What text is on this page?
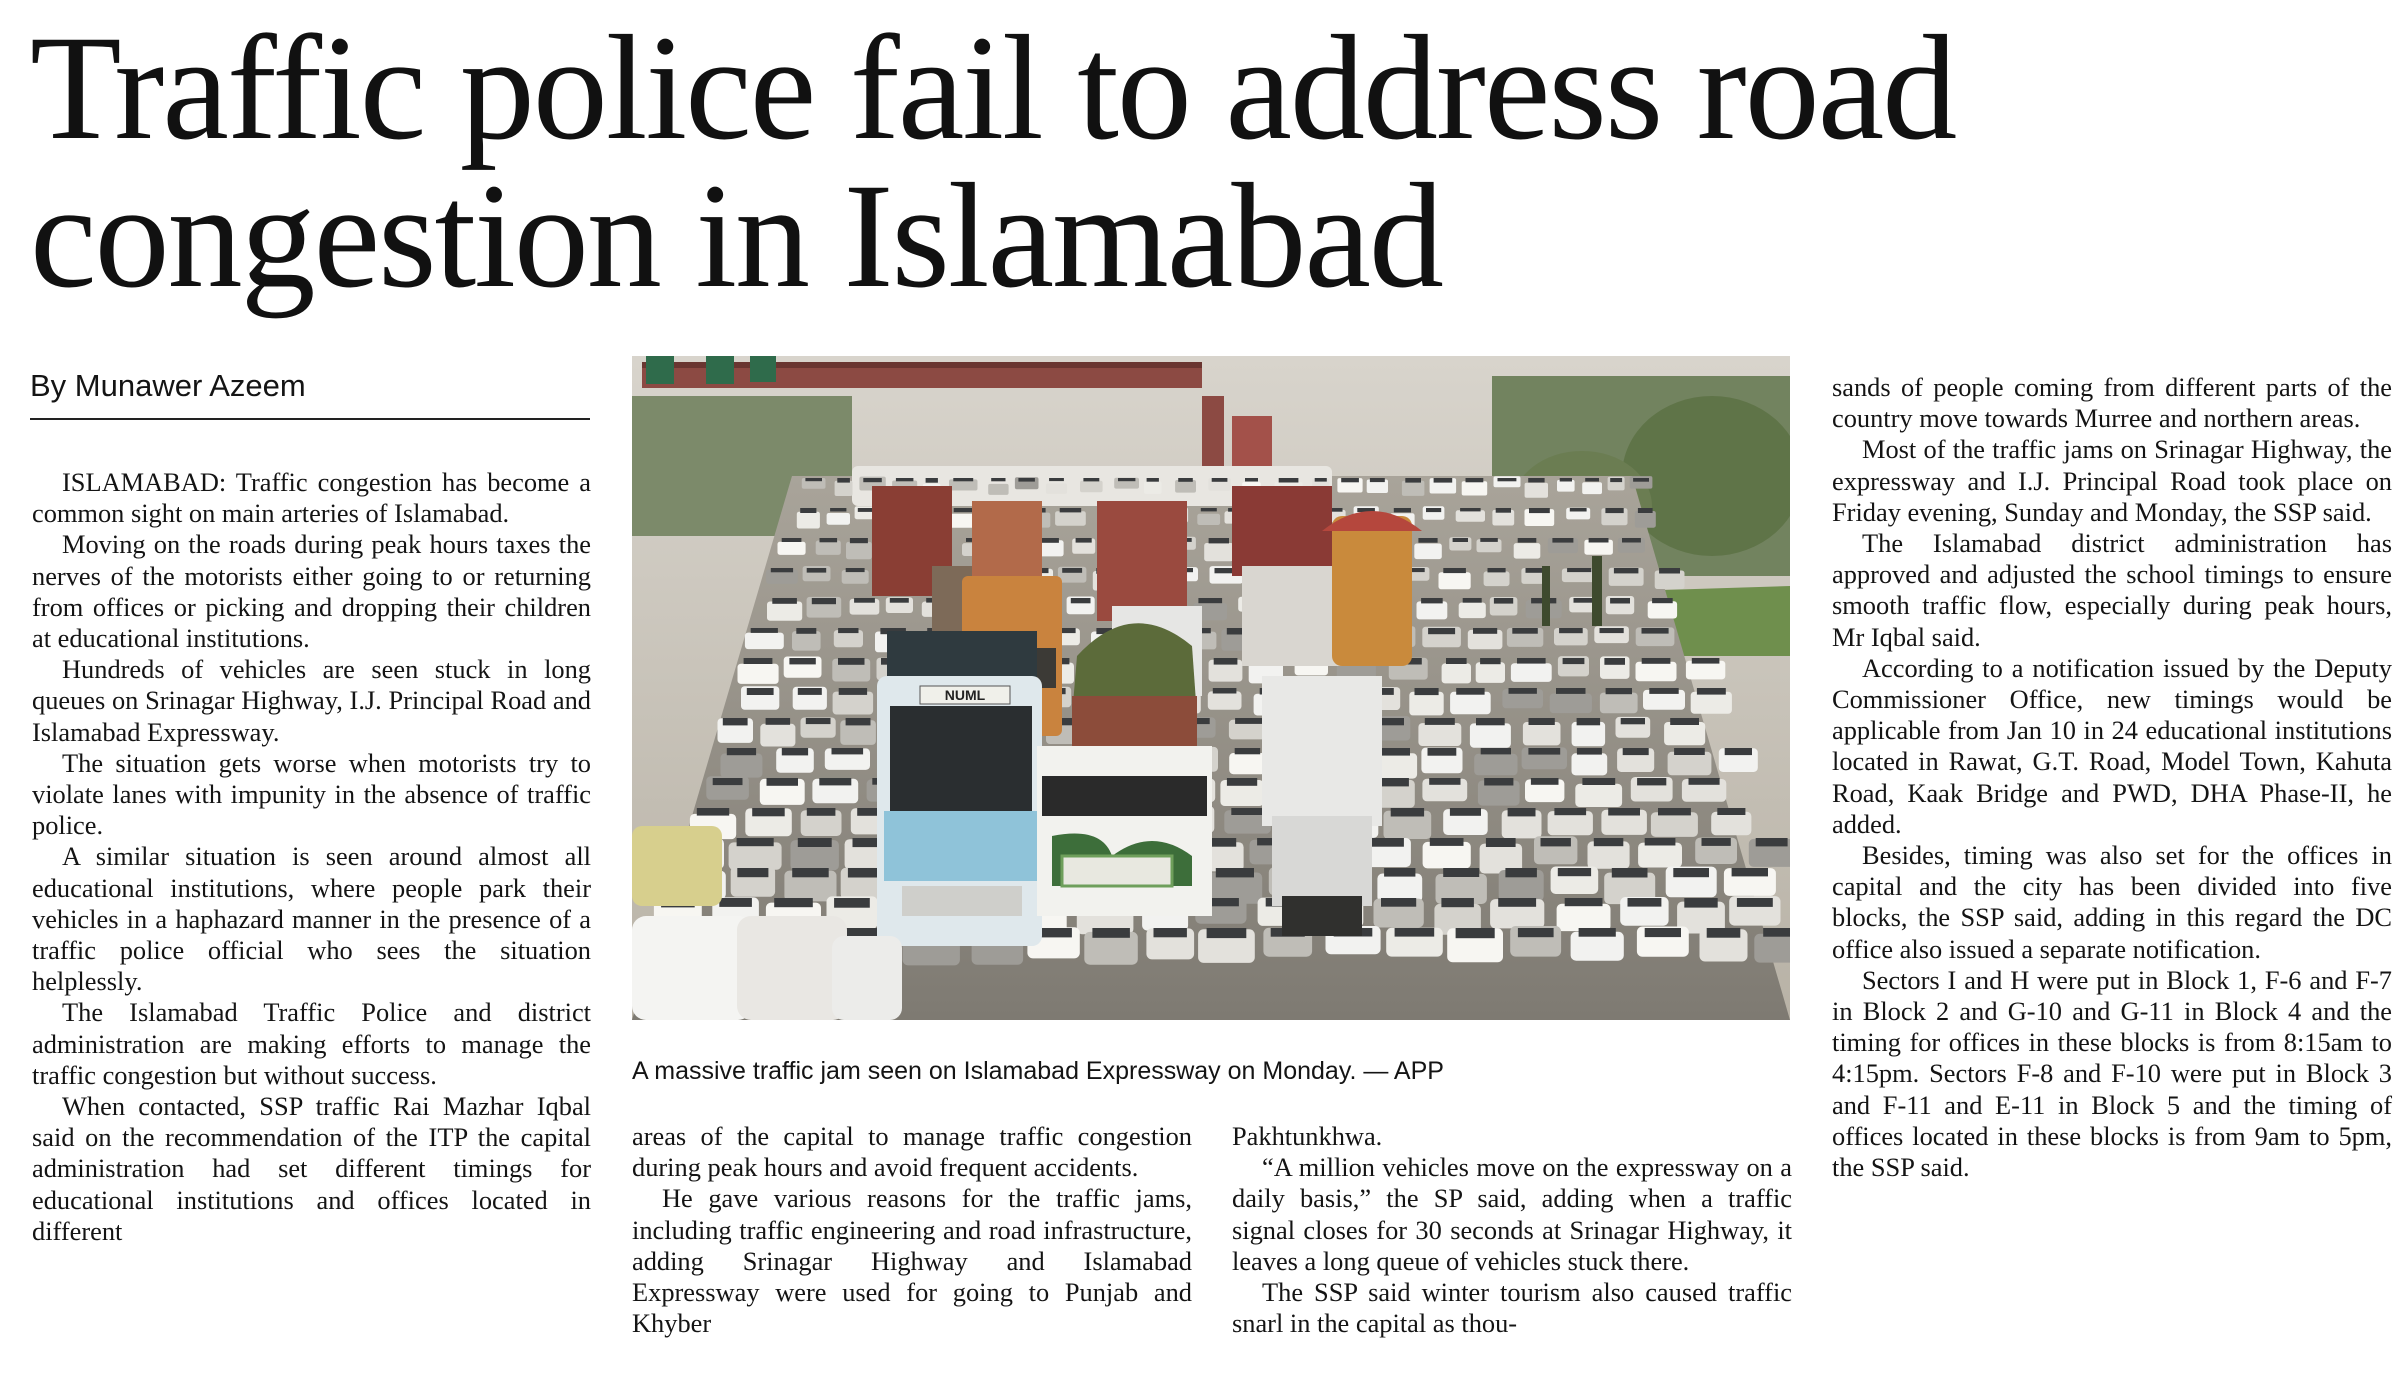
Traffic police fail to address road congestion in Islamabad
By Munawer Azeem

ISLAMABAD: Traffic congestion has become a common sight on main arteries of Islamabad.

Moving on the roads during peak hours taxes the nerves of the motorists either going to or returning from offices or picking and dropping their children at educational institutions.

Hundreds of vehicles are seen stuck in long queues on Srinagar Highway, I.J. Principal Road and Islamabad Expressway.

The situation gets worse when motorists try to violate lanes with impunity in the absence of traffic police.

A similar situation is seen around almost all educational institutions, where people park their vehicles in a haphazard manner in the presence of a traffic police official who sees the situation helplessly.

The Islamabad Traffic Police and district administration are making efforts to manage the traffic congestion but without success.

When contacted, SSP traffic Rai Mazhar Iqbal said on the recommendation of the ITP the capital administration had set different timings for educational institutions and offices located in different

NUML
A massive traffic jam seen on Islamabad Expressway on Monday. — APP

areas of the capital to manage traffic congestion during peak hours and avoid frequent accidents.

He gave various reasons for the traffic jams, including traffic engineering and road infrastructure, adding Srinagar Highway and Islamabad Expressway were used for going to Punjab and Khyber

Pakhtunkhwa.

“A million vehicles move on the expressway on a daily basis,” the SP said, adding when a traffic signal closes for 30 seconds at Srinagar Highway, it leaves a long queue of vehicles stuck there.

The SSP said winter tourism also caused traffic snarl in the capital as thou-

sands of people coming from different parts of the country move towards Murree and northern areas.

Most of the traffic jams on Srinagar Highway, the expressway and I.J. Principal Road took place on Friday evening, Sunday and Monday, the SSP said.

The Islamabad district administration has approved and adjusted the school timings to ensure smooth traffic flow, especially during peak hours, Mr Iqbal said.

According to a notification issued by the Deputy Commissioner Office, new timings would be applicable from Jan 10 in 24 educational institutions located in Rawat, G.T. Road, Model Town, Kahuta Road, Kaak Bridge and PWD, DHA Phase-II, he added.

Besides, timing was also set for the offices in capital and the city has been divided into five blocks, the SSP said, adding in this regard the DC office also issued a separate notification.

Sectors I and H were put in Block 1, F-6 and F-7 in Block 2 and G-10 and G-11 in Block 4 and the timing for offices in these blocks is from 8:15am to 4:15pm. Sectors F-8 and F-10 were put in Block 3 and F-11 and E-11 in Block 5 and the timing of offices located in these blocks is from 9am to 5pm, the SSP said.
